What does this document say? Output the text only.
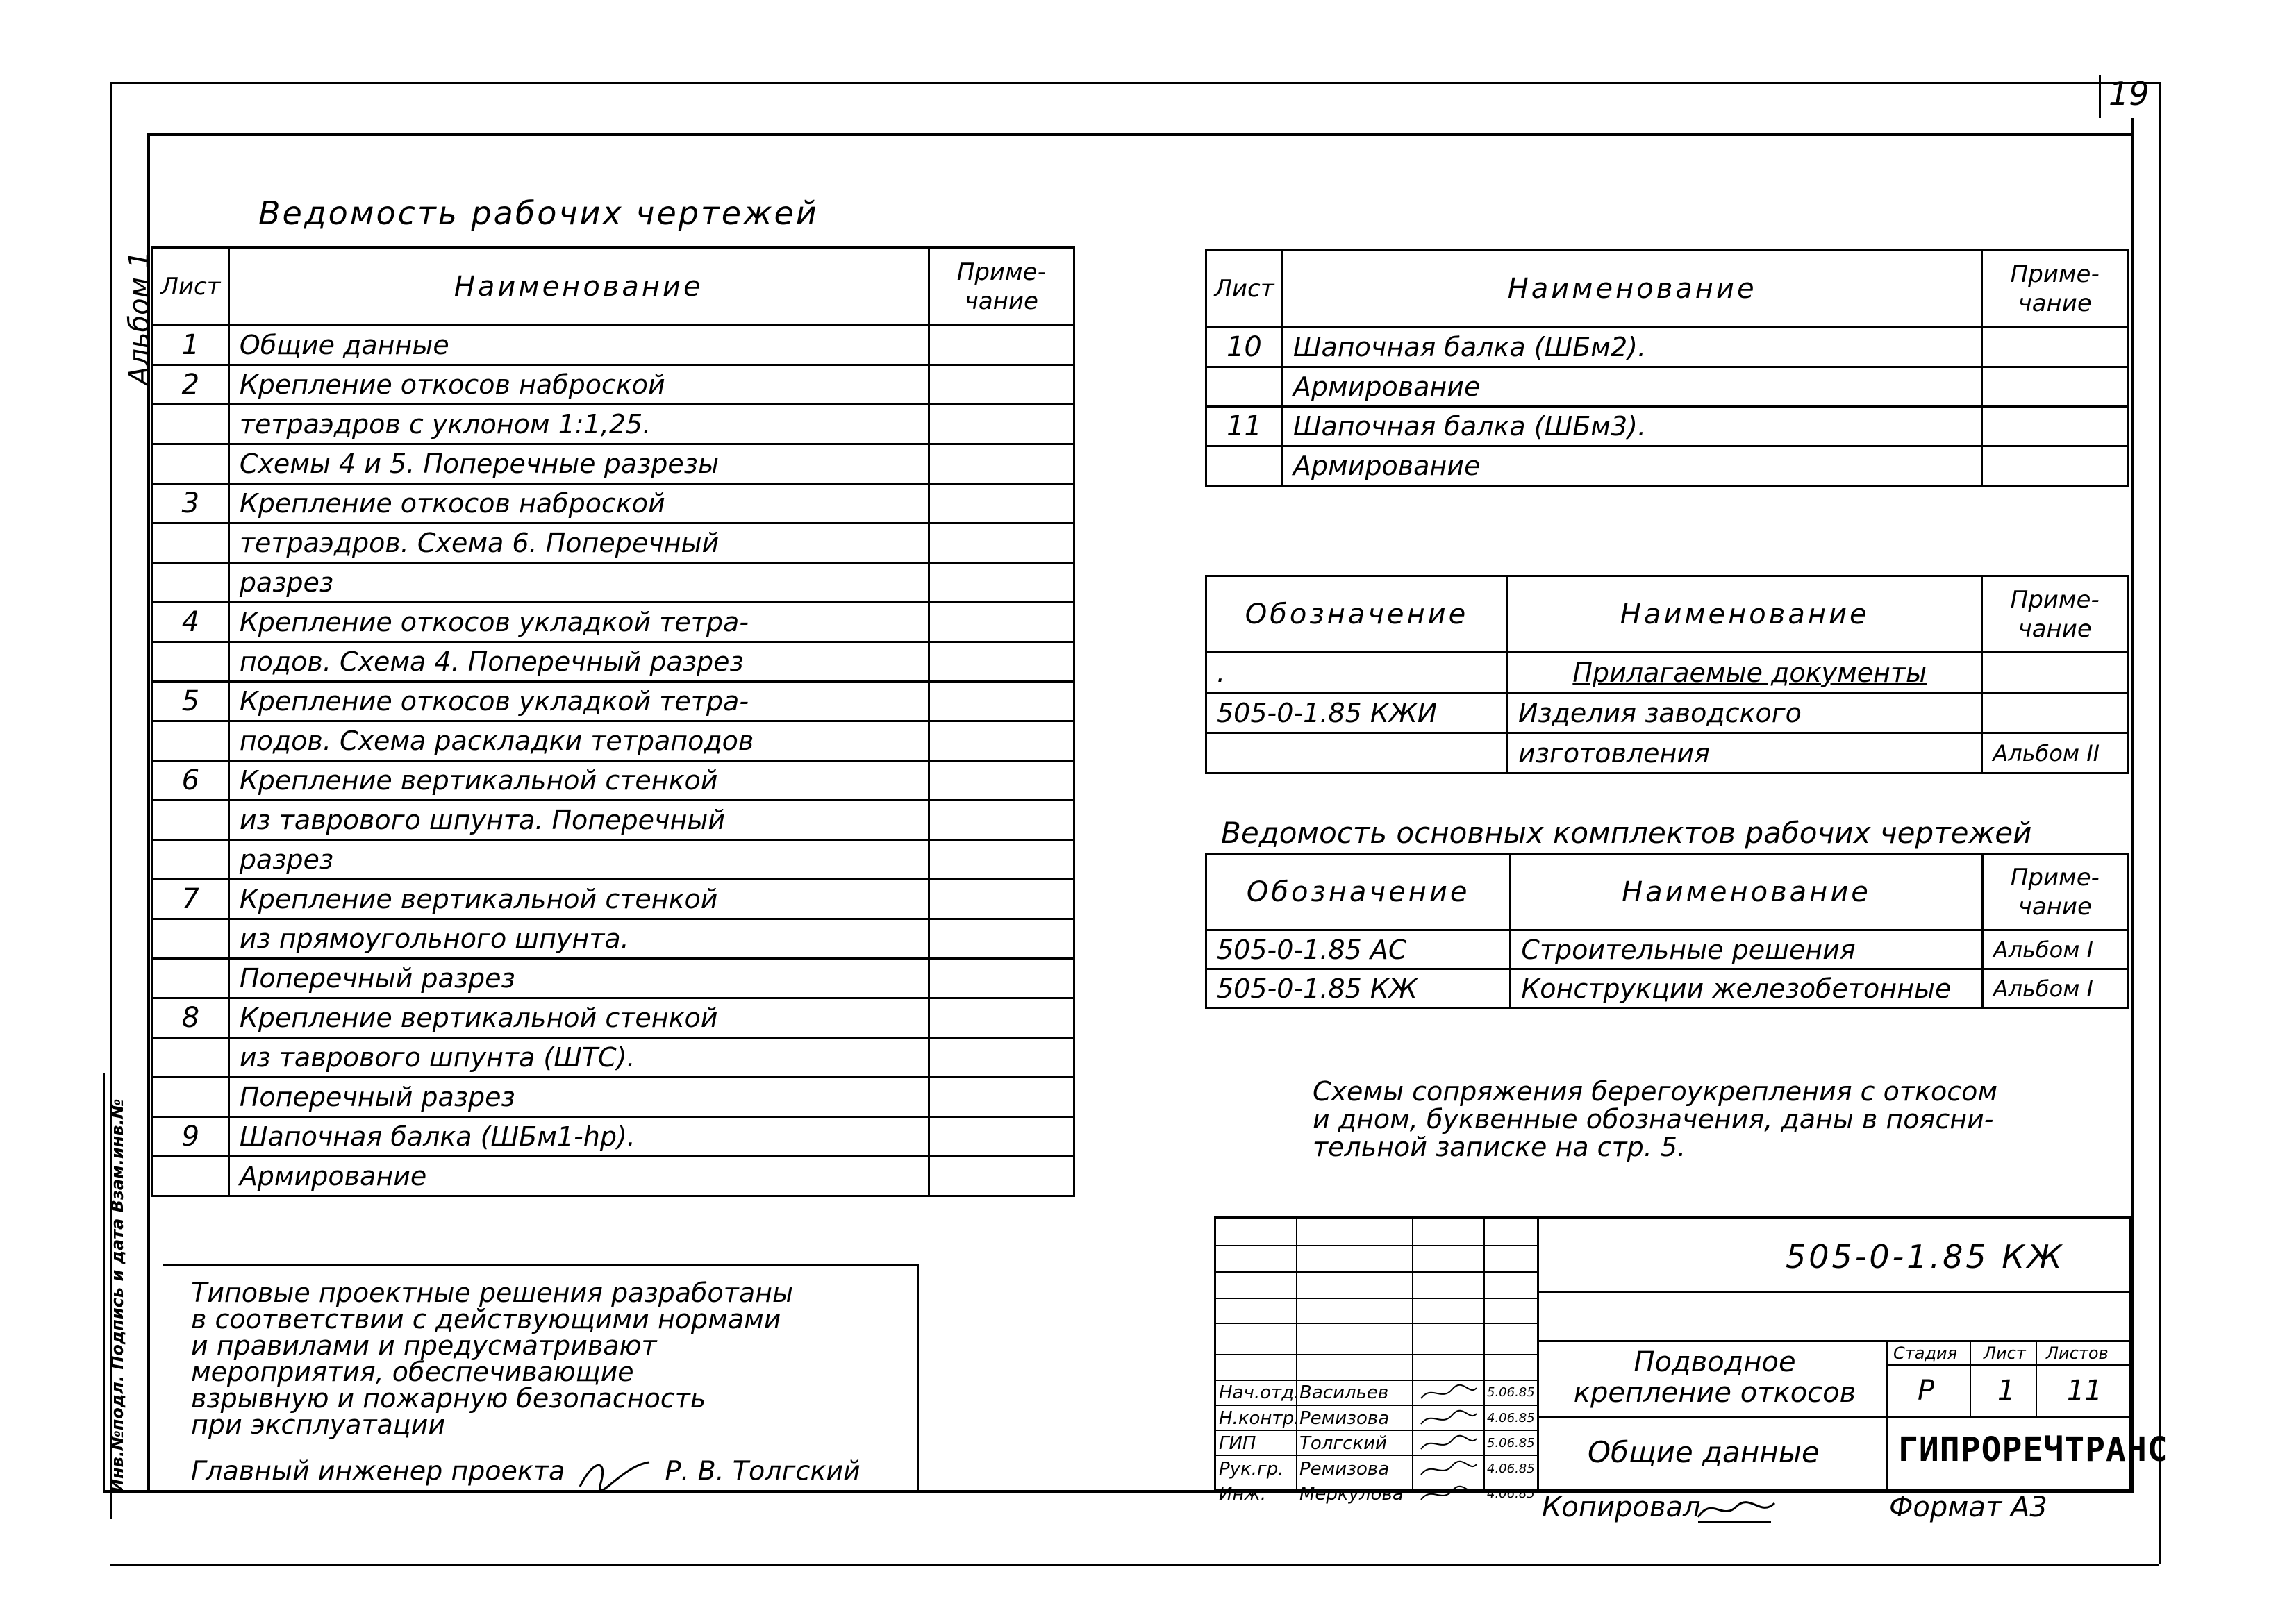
19
Альбом 1
Инв.№подл. Подпись и дата Взам.инв.№
Ведомость рабочих чертежей
Лист	Наименование	Приме-
чание
1	Общие данные	
2	Крепление откосов наброской	
	тетраэдров с уклоном 1:1,25.	
	Схемы 4 и 5. Поперечные разрезы	
3	Крепление откосов наброской	
	тетраэдров. Схема 6. Поперечный	
	разрез	
4	Крепление откосов укладкой тетра-	
	подов. Схема 4. Поперечный разрез	
5	Крепление откосов укладкой тетра-	
	подов. Схема раскладки тетраподов	
6	Крепление вертикальной стенкой	
	из таврового шпунта. Поперечный	
	разрез	
7	Крепление вертикальной стенкой	
	из прямоугольного шпунта.	
	Поперечный разрез	
8	Крепление вертикальной стенкой	
	из таврового шпунта (ШТС).	
	Поперечный разрез	
9	Шапочная балка (ШБм1-hр).	
	Армирование	
Лист	Наименование	Приме-
чание
10	Шапочная балка (ШБм2).	
	Армирование	
11	Шапочная балка (ШБм3).	
	Армирование	
Обозначение	Наименование	Приме-
чание
.	Прилагаемые документы	
505-0-1.85 КЖИ	Изделия заводского	
	изготовления	Альбом II
Ведомость основных комплектов рабочих чертежей
Обозначение	Наименование	Приме-
чание
505-0-1.85 АС	Строительные решения	Альбом I
505-0-1.85 КЖ	Конструкции железобетонные	Альбом I
Схемы сопряжения берегоукрепления с откосом
и дном, буквенные обозначения, даны в поясни-
тельной записке на стр. 5.
Типовые проектные решения разработаны
в соответствии с действующими нормами
и правилами и предусматривают
мероприятия, обеспечивающие
взрывную и пожарную безопасность
при эксплуатации
Главный инженер проекта	Р. В. Толгский
Нач.отд. Васильев	5.06.85
Н.контр. Ремизова	4.06.85
ГИП Толгский	5.06.85
Рук.гр. Ремизова	4.06.85
Инж. Меркулова	4.06.85
505-0-1.85 КЖ
Подводное
крепление откосов
Общие данные
Стадия Лист Листов
Р 1 11
ГИПРОРЕЧТРАНС
Копировал	Формат А3
